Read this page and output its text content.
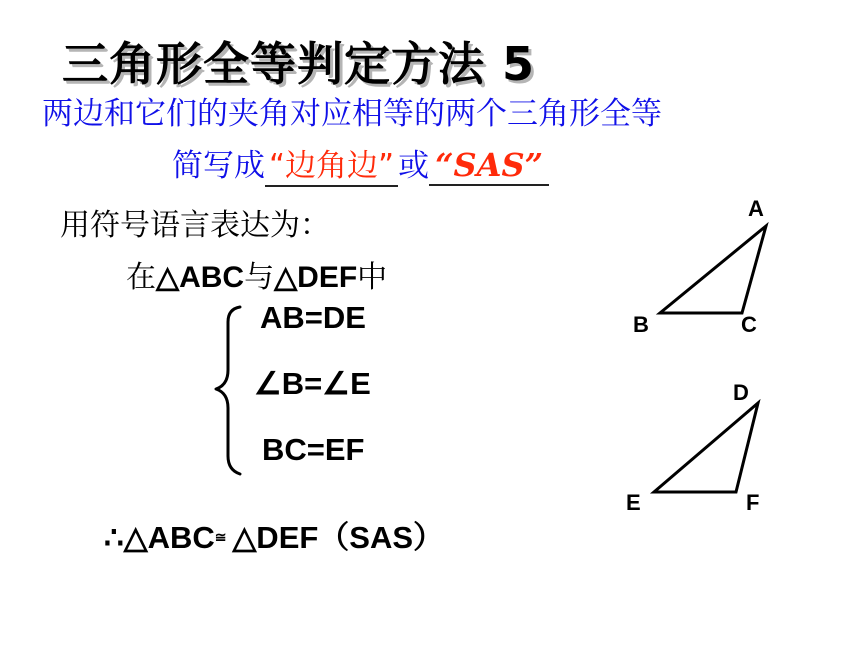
三角形全等判定方法 5
两边和它们的夹角对应相等的两个三角形全等
简写成 “边角边” 或 “SAS”
用符号语言表达为：
在△ABC与△DEF中
A
B	C
D
E	F
AB=DE
∠B=∠E
BC=EF
∴△ABC≅ △DEF（SAS）
